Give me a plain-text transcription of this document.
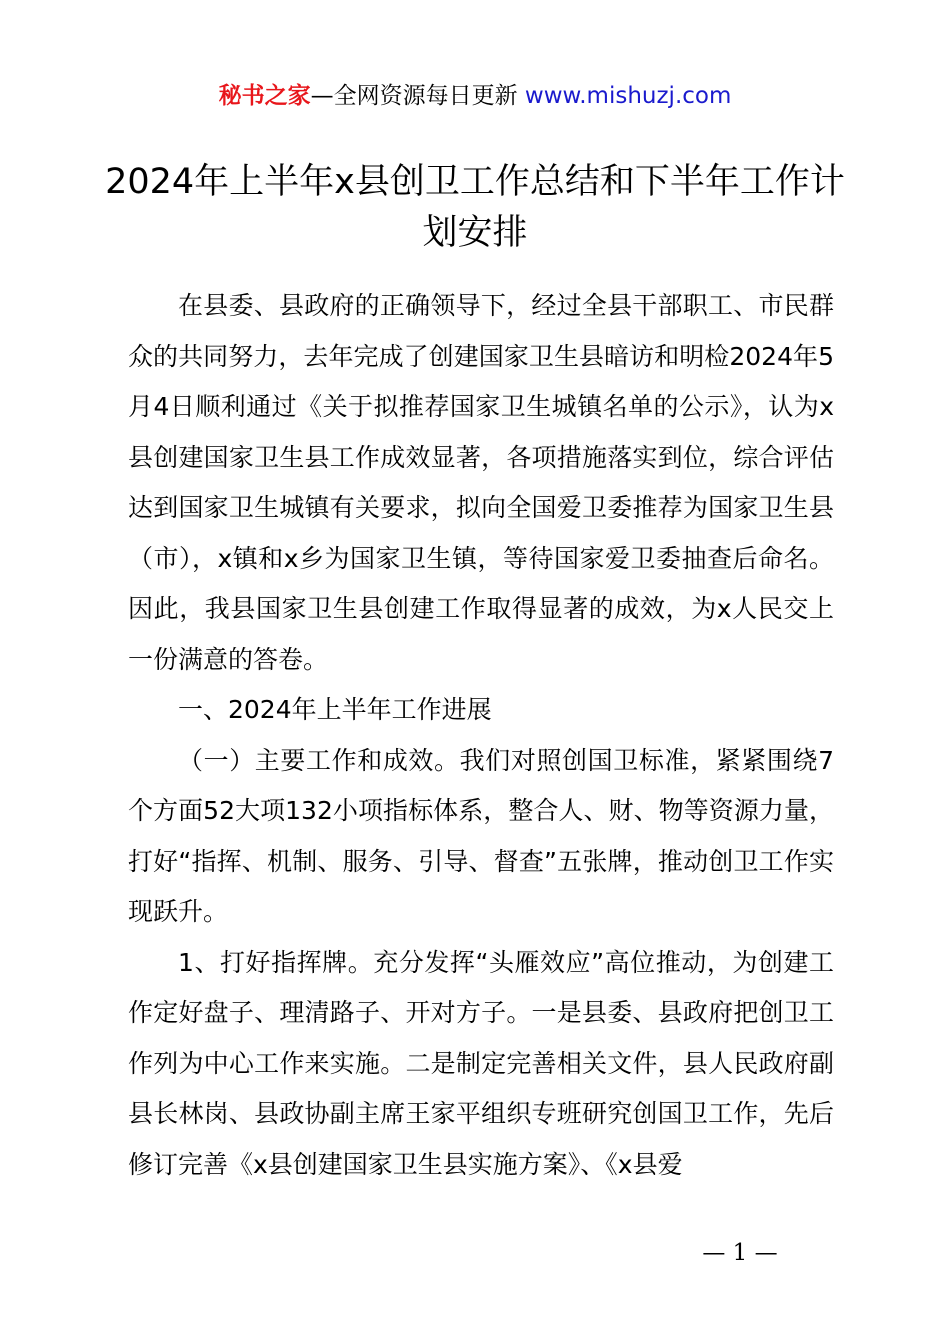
秘书之家—全网资源每日更新 www.mishuzj.com
2024年上半年x县创卫工作总结和下半年工作计划安排

在县委、县政府的正确领导下，经过全县干部职工、市民群众的共同努力，去年完成了创建国家卫生县暗访和明检2024年5月4日顺利通过《关于拟推荐国家卫生城镇名单的公示》，认为x县创建国家卫生县工作成效显著，各项措施落实到位，综合评估达到国家卫生城镇有关要求，拟向全国爱卫委推荐为国家卫生县（市），x镇和x乡为国家卫生镇，等待国家爱卫委抽查后命名。因此，我县国家卫生县创建工作取得显著的成效，为x人民交上一份满意的答卷。

一、2024年上半年工作进展

（一）主要工作和成效。我们对照创国卫标准，紧紧围绕7个方面52大项132小项指标体系，整合人、财、物等资源力量，打好“指挥、机制、服务、引导、督查”五张牌，推动创卫工作实现跃升。

1、打好指挥牌。充分发挥“头雁效应”高位推动，为创建工作定好盘子、理清路子、开对方子。一是县委、县政府把创卫工作列为中心工作来实施。二是制定完善相关文件，县人民政府副县长林岗、县政协副主席王家平组织专班研究创国卫工作，先后修订完善《x县创建国家卫生县实施方案》、《x县爱

— 1 —
